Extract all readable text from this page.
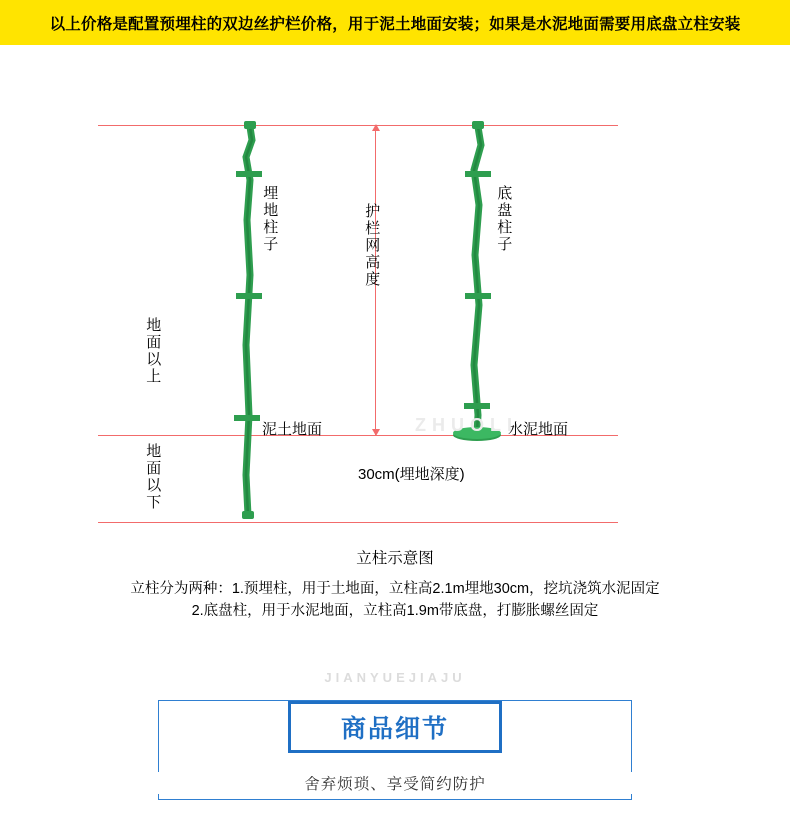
以上价格是配置预埋柱的双边丝护栏价格，用于泥土地面安装；如果是水泥地面需要用底盘立柱安装
埋地柱子	护栏网高度	底盘柱子
地面以上
地面以下
泥土地面	水泥地面
30cm(埋地深度)
ZHUOLI
立柱示意图
立柱分为两种：1.预埋柱，用于土地面，立柱高2.1m埋地30cm，挖坑浇筑水泥固定
2.底盘柱，用于水泥地面，立柱高1.9m带底盘，打膨胀螺丝固定
JIANYUEJIAJU
商品细节
舍弃烦琐、享受简约防护
